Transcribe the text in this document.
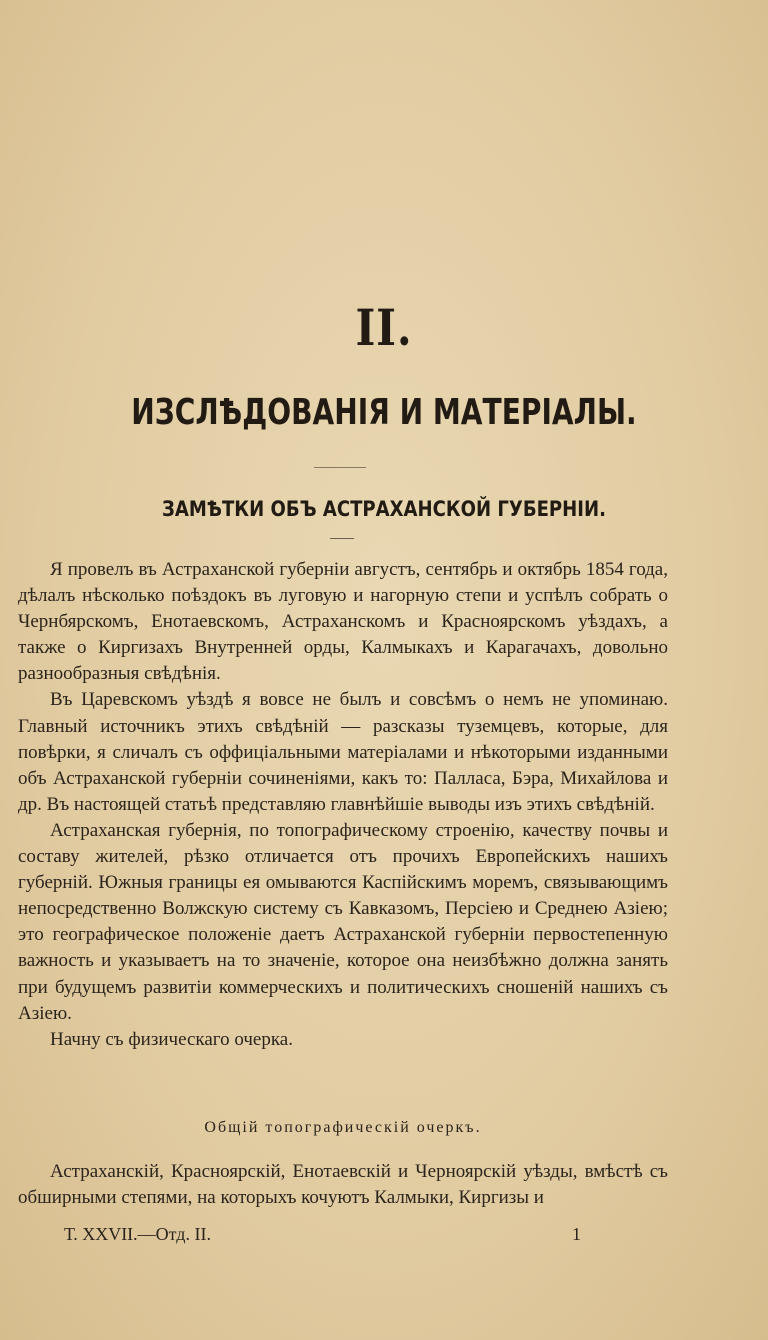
II.
ИЗСЛѢДОВАНІЯ И МАТЕРІАЛЫ.
ЗАМѢТКИ ОБЪ АСТРАХАНСКОЙ ГУБЕРНІИ.

Я провелъ въ Астраханской губерніи августъ, сентябрь и октябрь 1854 года, дѣлалъ нѣсколько поѣздокъ въ луговую и нагорную степи и успѣлъ собрать о Чернбярскомъ, Енотаевскомъ, Астраханскомъ и Красноярскомъ уѣздахъ, а также о Киргизахъ Внутренней орды, Калмыкахъ и Карагачахъ, довольно разнообразныя свѣдѣнія.

Въ Царевскомъ уѣздѣ я вовсе не былъ и совсѣмъ о немъ не упоминаю. Главный источникъ этихъ свѣдѣній — разсказы туземцевъ, которые, для повѣрки, я сличалъ съ оффиціальными матеріалами и нѣкоторыми изданными объ Астраханской губерніи сочиненіями, какъ то: Палласа, Бэра, Михайлова и др. Въ настоящей статьѣ представляю главнѣйшіе выводы изъ этихъ свѣдѣній.

Астраханская губернія, по топографическому строенію, качеству почвы и составу жителей, рѣзко отличается отъ прочихъ Европейскихъ нашихъ губерній. Южныя границы ея омываются Каспійскимъ моремъ, связывающимъ непосредственно Волжскую систему съ Кавказомъ, Персіею и Среднею Азіею; это географическое положеніе даетъ Астраханской губерніи первостепенную важность и указываетъ на то значеніе, которое она неизбѣжно должна занять при будущемъ развитіи коммерческихъ и политическихъ сношеній нашихъ съ Азіею.

Начну съ физическаго очерка.

Общій топографическій очеркъ.

Астраханскій, Красноярскій, Енотаевскій и Черноярскій уѣзды, вмѣстѣ съ обширными степями, на которыхъ кочуютъ Калмыки, Киргизы и

Т. XXVII.—Отд. II.	1
